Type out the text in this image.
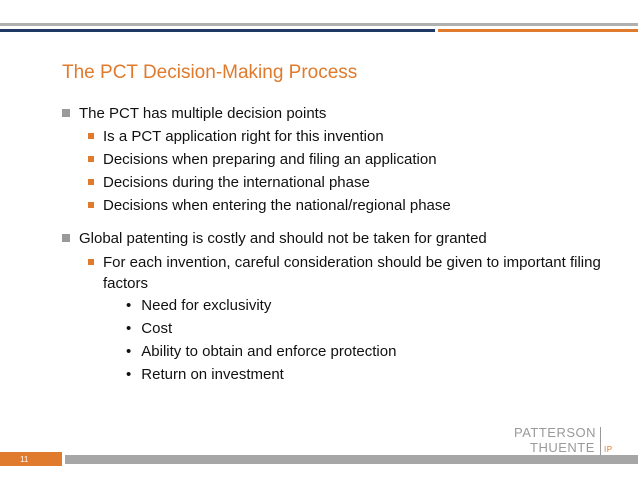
The PCT Decision-Making Process
The PCT has multiple decision points
Is a PCT application right for this invention
Decisions when preparing and filing an application
Decisions during the international phase
Decisions when entering the national/regional phase
Global patenting is costly and should not be taken for granted
For each invention, careful consideration should be given to important filing factors
• Need for exclusivity
• Cost
• Ability to obtain and enforce protection
• Return on investment
PATTERSON
THUENTE IP
11
